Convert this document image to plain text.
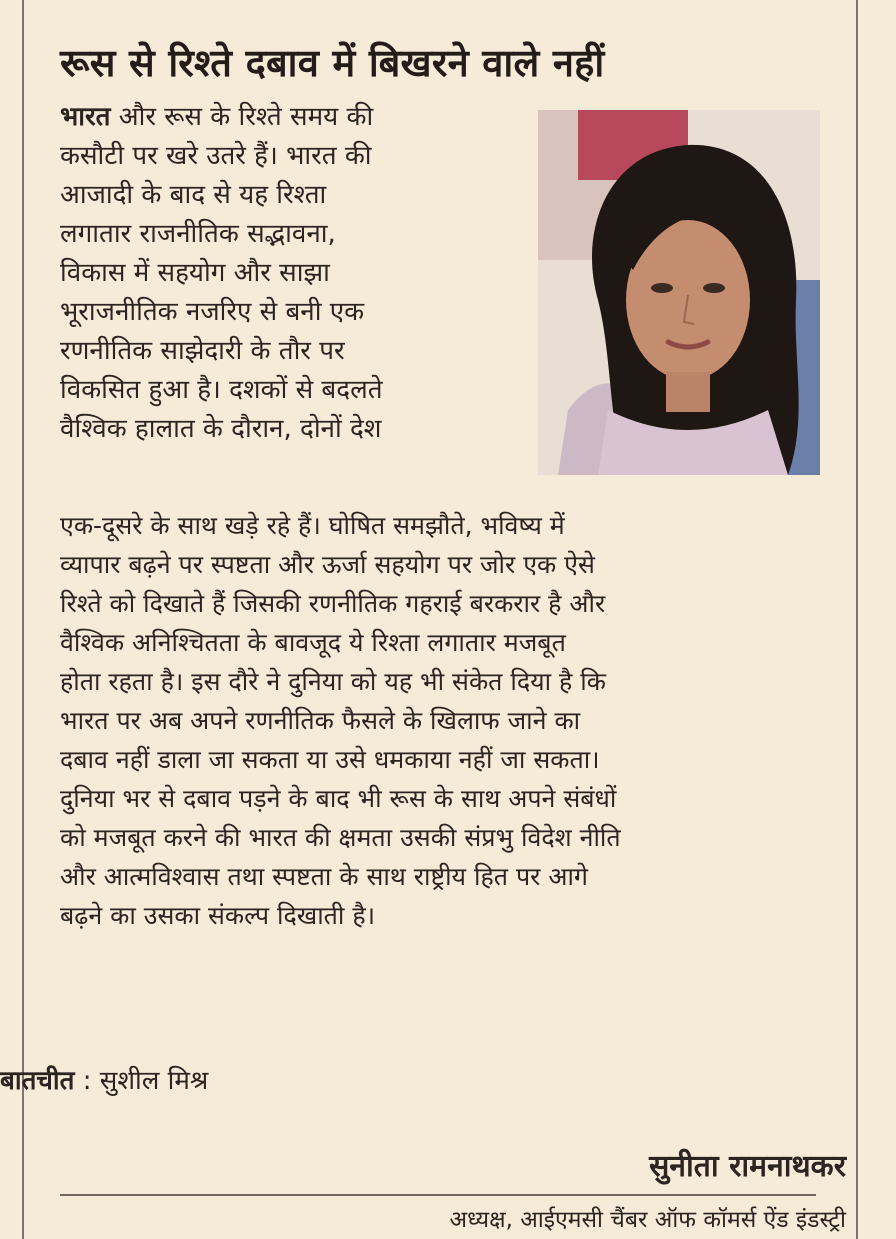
रूस से रिश्ते दबाव में बिखरने वाले नहीं
भारत और रूस के रिश्ते समय की
कसौटी पर खरे उतरे हैं। भारत की
आजादी के बाद से यह रिश्ता
लगातार राजनीतिक सद्भावना,
विकास में सहयोग और साझा
भूराजनीतिक नजरिए से बनी एक
रणनीतिक साझेदारी के तौर पर
विकसित हुआ है। दशकों से बदलते
वैश्विक हालात के दौरान, दोनों देश
एक-दूसरे के साथ खड़े रहे हैं। घोषित समझौते, भविष्य में
व्यापार बढ़ने पर स्पष्टता और ऊर्जा सहयोग पर जोर एक ऐसे
रिश्ते को दिखाते हैं जिसकी रणनीतिक गहराई बरकरार है और
वैश्विक अनिश्चितता के बावजूद ये रिश्ता लगातार मजबूत
होता रहता है। इस दौरे ने दुनिया को यह भी संकेत दिया है कि
भारत पर अब अपने रणनीतिक फैसले के खिलाफ जाने का
दबाव नहीं डाला जा सकता या उसे धमकाया नहीं जा सकता।
दुनिया भर से दबाव पड़ने के बाद भी रूस के साथ अपने संबंधों
को मजबूत करने की भारत की क्षमता उसकी संप्रभु विदेश नीति
और आत्मविश्वास तथा स्पष्टता के साथ राष्ट्रीय हित पर आगे
बढ़ने का उसका संकल्प दिखाती है।
बातचीत : सुशील मिश्र
सुनीता रामनाथकर
अध्यक्ष, आईएमसी चैंबर ऑफ कॉमर्स ऐंड इंडस्ट्री
